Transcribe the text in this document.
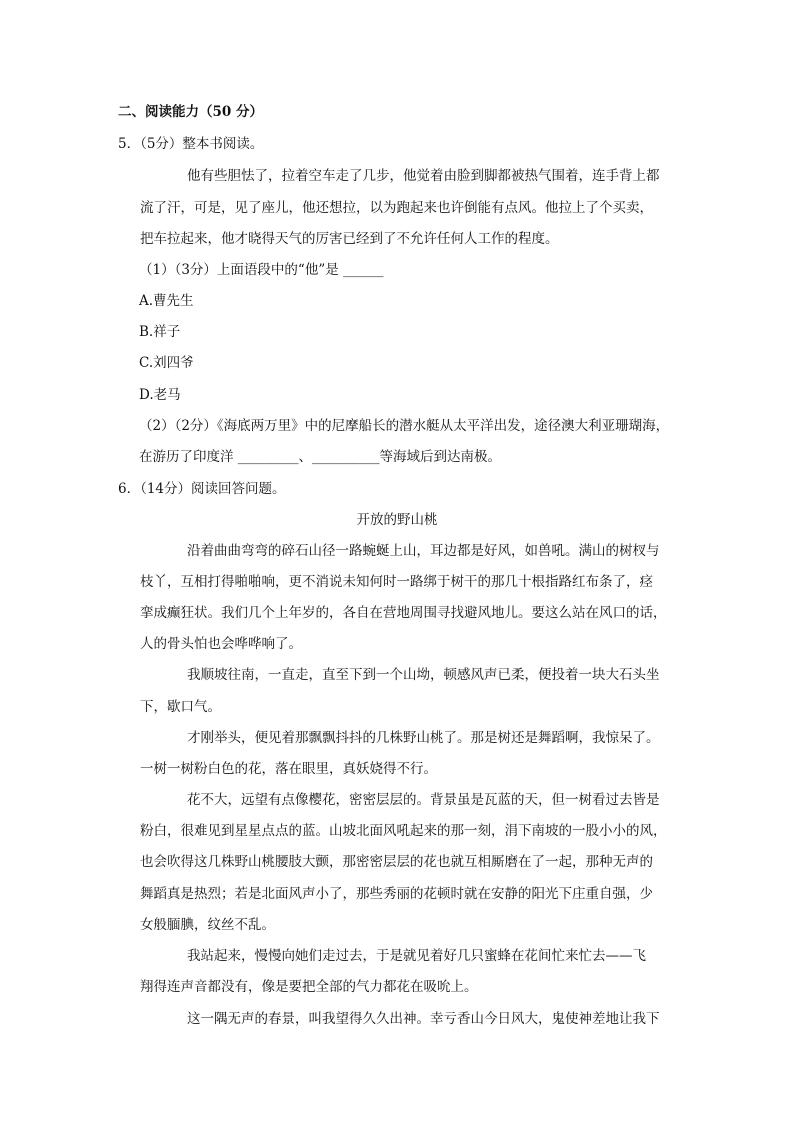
二、阅读能力（50 分）
5．（5分）整本书阅读。
他有些胆怯了，拉着空车走了几步，他觉着由脸到脚都被热气围着，连手背上都
流了汗，可是，见了座儿，他还想拉，以为跑起来也许倒能有点风。他拉上了个买卖，
把车拉起来，他才晓得天气的厉害已经到了不允许任何人工作的程度。
（1）（3分）上面语段中的“他”是 ______
A.曹先生
B.祥子
C.刘四爷
D.老马
（2）（2分）《海底两万里》中的尼摩船长的潜水艇从太平洋出发，途径澳大利亚珊瑚海，
在游历了印度洋 _________、__________等海域后到达南极。
6．（14分）阅读回答问题。
开放的野山桃
沿着曲曲弯弯的碎石山径一路蜿蜒上山，耳边都是好风，如兽吼。满山的树杈与
枝丫，互相打得啪啪响，更不消说未知何时一路绑于树干的那几十根指路红布条了，痉
挛成癫狂状。我们几个上年岁的，各自在营地周围寻找避风地儿。要这么站在风口的话，
人的骨头怕也会哗哗响了。
我顺坡往南，一直走，直至下到一个山坳，顿感风声已柔，便投着一块大石头坐
下，歇口气。
才刚举头，便见着那飘飘抖抖的几株野山桃了。那是树还是舞蹈啊，我惊呆了。
一树一树粉白色的花，落在眼里，真妖娆得不行。
花不大，远望有点像樱花，密密层层的。背景虽是瓦蓝的天，但一树看过去皆是
粉白，很难见到星星点点的蓝。山坡北面风吼起来的那一刻，涓下南坡的一股小小的风，
也会吹得这几株野山桃腰肢大颤，那密密层层的花也就互相厮磨在了一起，那种无声的
舞蹈真是热烈；若是北面风声小了，那些秀丽的花顿时就在安静的阳光下庄重自强，少
女般腼腆，纹丝不乱。
我站起来，慢慢向她们走过去，于是就见着好几只蜜蜂在花间忙来忙去——飞
翔得连声音都没有，像是要把全部的气力都花在吸吮上。
这一隅无声的春景，叫我望得久久出神。幸亏香山今日风大，鬼使神差地让我下
